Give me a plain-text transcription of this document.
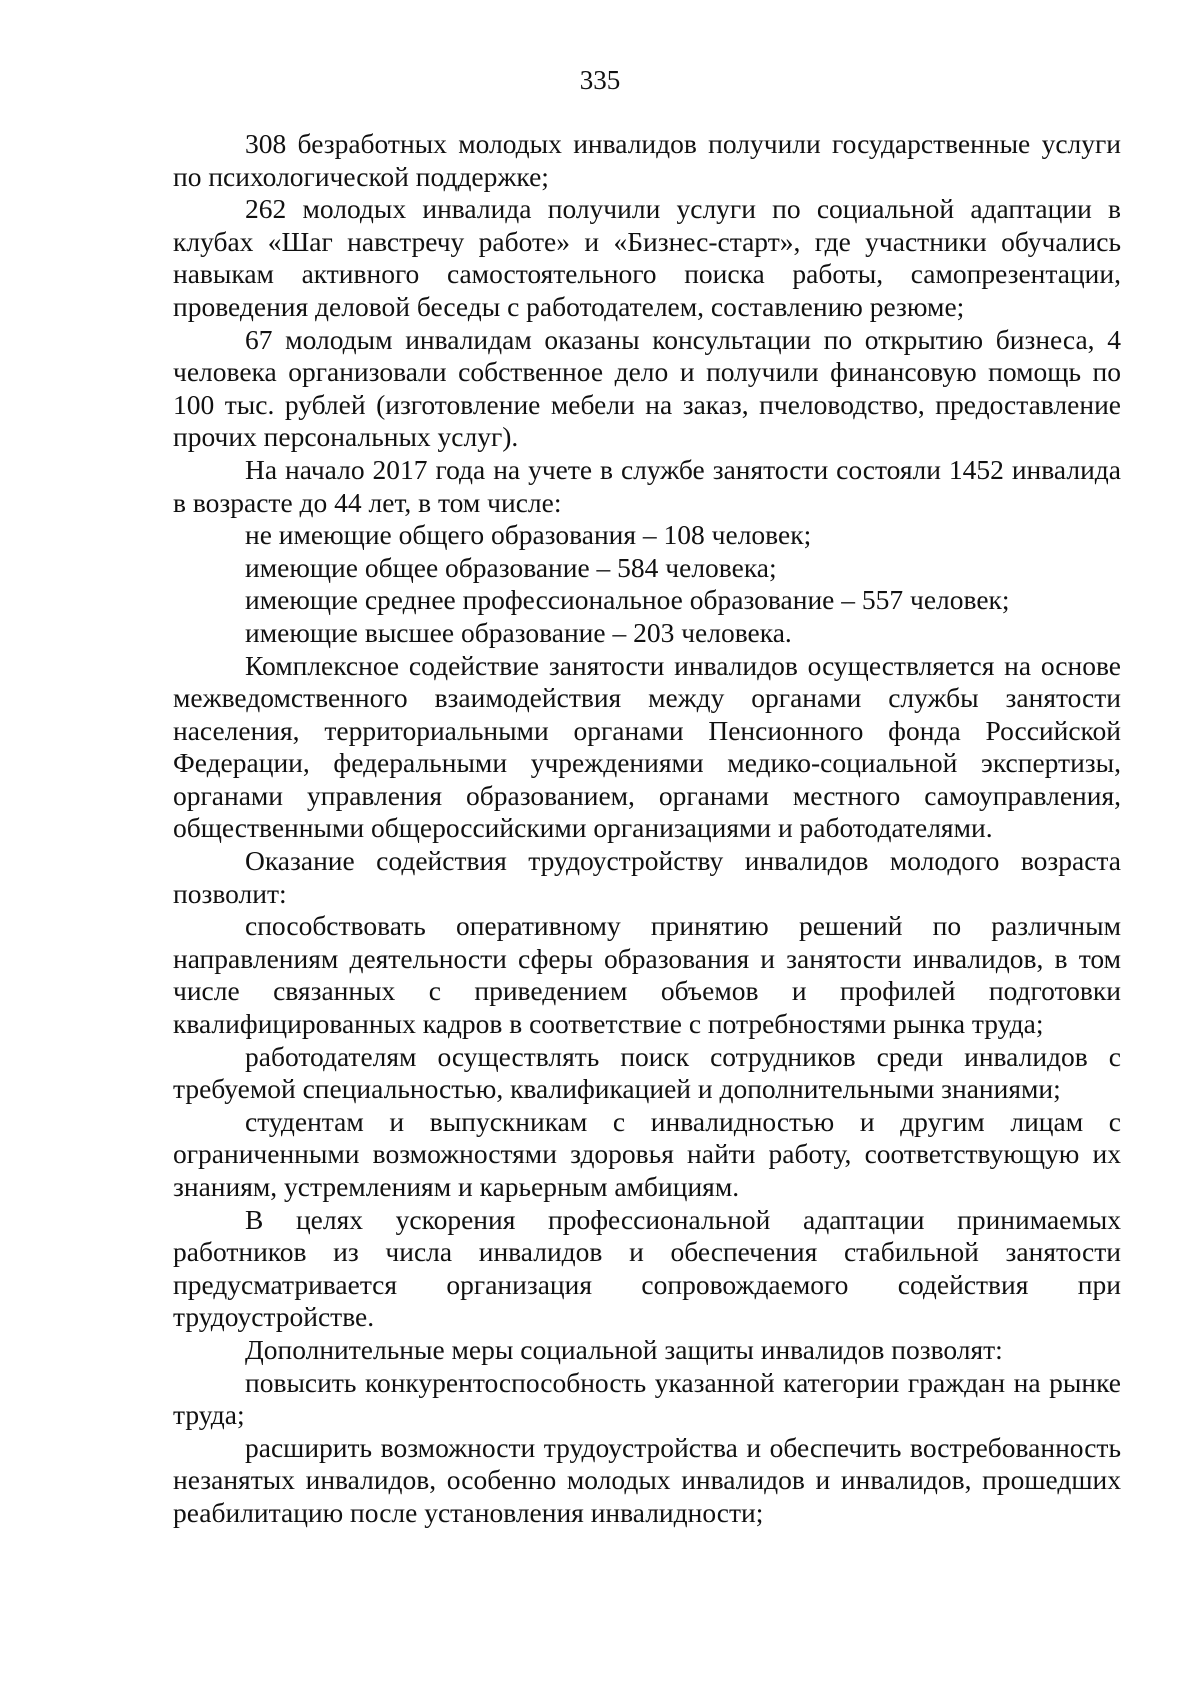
335

308 безработных молодых инвалидов получили государственные услуги по психологической поддержке;

262 молодых инвалида получили услуги по социальной адаптации в клубах «Шаг навстречу работе» и «Бизнес-старт», где участники обучались навыкам активного самостоятельного поиска работы, самопрезентации, проведения деловой беседы с работодателем, составлению резюме;

67 молодым инвалидам оказаны консультации по открытию бизнеса, 4 человека организовали собственное дело и получили финансовую помощь по 100 тыс. рублей (изготовление мебели на заказ, пчеловодство, предоставление прочих персональных услуг).

На начало 2017 года на учете в службе занятости состояли 1452 инвалида в возрасте до 44 лет, в том числе:

не имеющие общего образования – 108 человек;

имеющие общее образование – 584 человека;

имеющие среднее профессиональное образование – 557 человек;

имеющие высшее образование – 203 человека.

Комплексное содействие занятости инвалидов осуществляется на основе межведомственного взаимодействия между органами службы занятости населения, территориальными органами Пенсионного фонда Российской Федерации, федеральными учреждениями медико-социальной экспертизы, органами управления образованием, органами местного самоуправления, общественными общероссийскими организациями и работодателями.

Оказание содействия трудоустройству инвалидов молодого возраста позволит:

способствовать оперативному принятию решений по различным направлениям деятельности сферы образования и занятости инвалидов, в том числе связанных с приведением объемов и профилей подготовки квалифицированных кадров в соответствие с потребностями рынка труда;

работодателям осуществлять поиск сотрудников среди инвалидов с требуемой специальностью, квалификацией и дополнительными знаниями;

студентам и выпускникам с инвалидностью и другим лицам с ограниченными возможностями здоровья найти работу, соответствующую их знаниям, устремлениям и карьерным амбициям.

В целях ускорения профессиональной адаптации принимаемых работников из числа инвалидов и обеспечения стабильной занятости предусматривается организация сопровождаемого содействия при трудоустройстве.

Дополнительные меры социальной защиты инвалидов позволят:

повысить конкурентоспособность указанной категории граждан на рынке труда;

расширить возможности трудоустройства и обеспечить востребованность незанятых инвалидов, особенно молодых инвалидов и инвалидов, прошедших реабилитацию после установления инвалидности;
